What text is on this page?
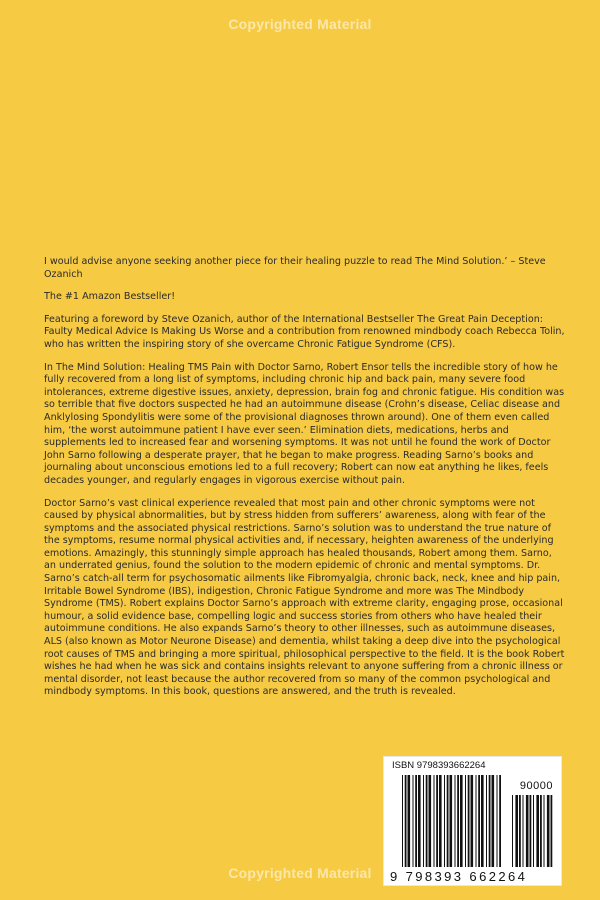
Copyrighted Material

I would advise anyone seeking another piece for their healing puzzle to read The Mind Solution.’ – Steve Ozanich

The #1 Amazon Bestseller!

Featuring a foreword by Steve Ozanich, author of the International Bestseller The Great Pain Deception: Faulty Medical Advice Is Making Us Worse and a contribution from renowned mindbody coach Rebecca Tolin, who has written the inspiring story of she overcame Chronic Fatigue Syndrome (CFS).

In The Mind Solution: Healing TMS Pain with Doctor Sarno, Robert Ensor tells the incredible story of how he fully recovered from a long list of symptoms, including chronic hip and back pain, many severe food intolerances, extreme digestive issues, anxiety, depression, brain fog and chronic fatigue. His condition was so terrible that five doctors suspected he had an autoimmune disease (Crohn’s disease, Celiac disease and Anklylosing Spondylitis were some of the provisional diagnoses thrown around). One of them even called him, ‘the worst autoimmune patient I have ever seen.’ Elimination diets, medications, herbs and supplements led to increased fear and worsening symptoms. It was not until he found the work of Doctor John Sarno following a desperate prayer, that he began to make progress. Reading Sarno’s books and journaling about unconscious emotions led to a full recovery; Robert can now eat anything he likes, feels decades younger, and regularly engages in vigorous exercise without pain.

Doctor Sarno’s vast clinical experience revealed that most pain and other chronic symptoms were not caused by physical abnormalities, but by stress hidden from sufferers’ awareness, along with fear of the symptoms and the associated physical restrictions. Sarno’s solution was to understand the true nature of the symptoms, resume normal physical activities and, if necessary, heighten awareness of the underlying emotions. Amazingly, this stunningly simple approach has healed thousands, Robert among them. Sarno, an underrated genius, found the solution to the modern epidemic of chronic and mental symptoms. Dr. Sarno’s catch-all term for psychosomatic ailments like Fibromyalgia, chronic back, neck, knee and hip pain, Irritable Bowel Syndrome (IBS), indigestion, Chronic Fatigue Syndrome and more was The Mindbody Syndrome (TMS). Robert explains Doctor Sarno’s approach with extreme clarity, engaging prose, occasional humour, a solid evidence base, compelling logic and success stories from others who have healed their autoimmune conditions. He also expands Sarno’s theory to other illnesses, such as autoimmune diseases, ALS (also known as Motor Neurone Disease) and dementia, whilst taking a deep dive into the psychological root causes of TMS and bringing a more spiritual, philosophical perspective to the field. It is the book Robert wishes he had when he was sick and contains insights relevant to anyone suffering from a chronic illness or mental disorder, not least because the author recovered from so many of the common psychological and mindbody symptoms. In this book, questions are answered, and the truth is revealed.

ISBN 9798393662264
90000
9 798393 662264
Copyrighted Material
